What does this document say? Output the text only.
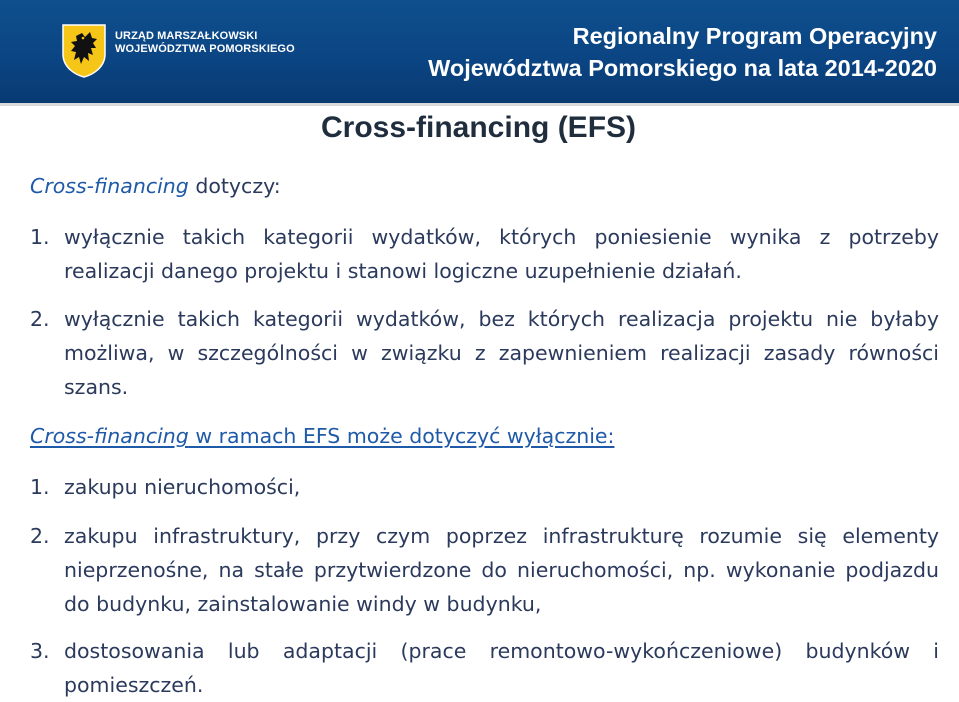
URZĄD MARSZAŁKOWSKI
WOJEWÓDZTWA POMORSKIEGO	Regionalny Program Operacyjny
Województwa Pomorskiego na lata 2014-2020
Cross-financing (EFS)
Cross-financing dotyczy:
1. wyłącznie takich kategorii wydatków, których poniesienie wynika z potrzeby realizacji danego projektu i stanowi logiczne uzupełnienie działań.
2. wyłącznie takich kategorii wydatków, bez których realizacja projektu nie byłaby możliwa, w szczególności w związku z zapewnieniem realizacji zasady równości szans.
Cross-financing w ramach EFS może dotyczyć wyłącznie:
1. zakupu nieruchomości,
2. zakupu infrastruktury, przy czym poprzez infrastrukturę rozumie się elementy nieprzenośne, na stałe przytwierdzone do nieruchomości, np. wykonanie podjazdu do budynku, zainstalowanie windy w budynku,
3. dostosowania lub adaptacji (prace remontowo-wykończeniowe) budynków i pomieszczeń.
